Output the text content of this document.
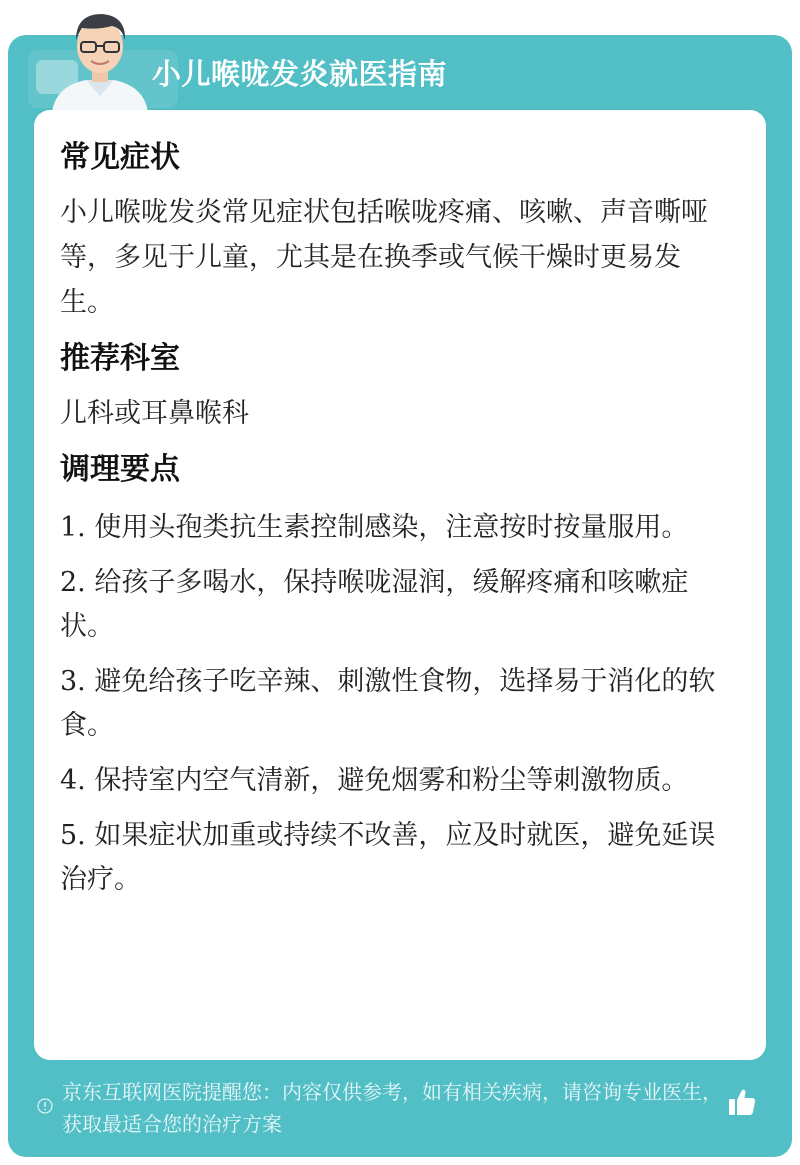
小儿喉咙发炎就医指南
常见症状

小儿喉咙发炎常见症状包括喉咙疼痛、咳嗽、声音嘶哑等，多见于儿童，尤其是在换季或气候干燥时更易发生。

推荐科室

儿科或耳鼻喉科

调理要点

1. 使用头孢类抗生素控制感染，注意按时按量服用。

2. 给孩子多喝水，保持喉咙湿润，缓解疼痛和咳嗽症状。

3. 避免给孩子吃辛辣、刺激性食物，选择易于消化的软食。

4. 保持室内空气清新，避免烟雾和粉尘等刺激物质。

5. 如果症状加重或持续不改善，应及时就医，避免延误治疗。

京东互联网医院提醒您：内容仅供参考，如有相关疾病，请咨询专业医生，获取最适合您的治疗方案
